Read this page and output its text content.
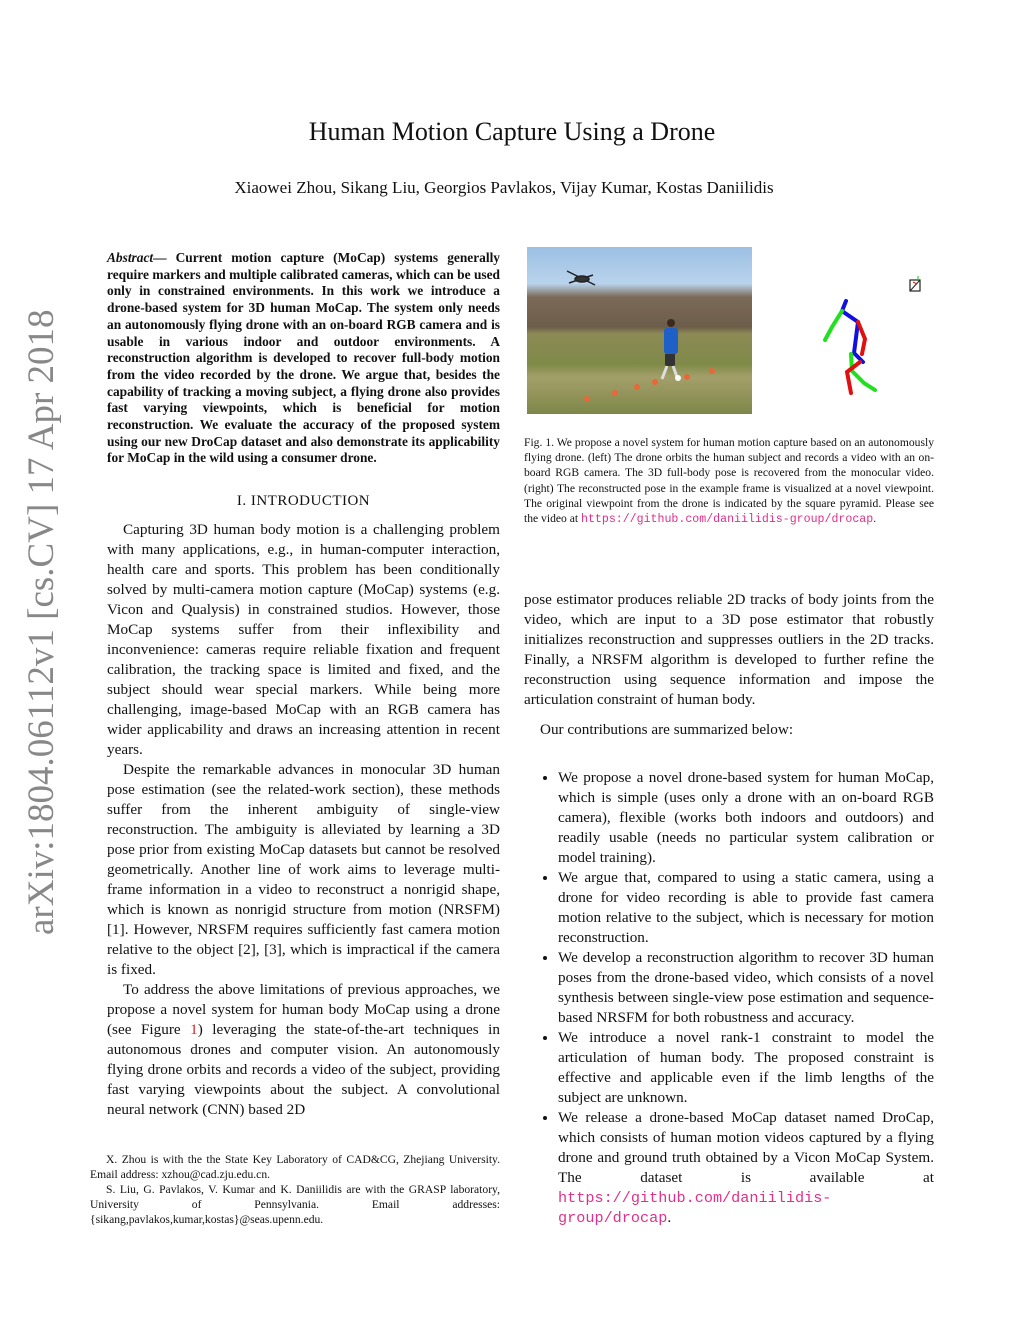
Human Motion Capture Using a Drone
Xiaowei Zhou, Sikang Liu, Georgios Pavlakos, Vijay Kumar, Kostas Daniilidis
arXiv:1804.06112v1 [cs.CV] 17 Apr 2018

Abstract— Current motion capture (MoCap) systems generally require markers and multiple calibrated cameras, which can be used only in constrained environments. In this work we introduce a drone-based system for 3D human MoCap. The system only needs an autonomously flying drone with an on-board RGB camera and is usable in various indoor and outdoor environments. A reconstruction algorithm is developed to recover full-body motion from the video recorded by the drone. We argue that, besides the capability of tracking a moving subject, a flying drone also provides fast varying viewpoints, which is beneficial for motion reconstruction. We evaluate the accuracy of the proposed system using our new DroCap dataset and also demonstrate its applicability for MoCap in the wild using a consumer drone.

I. INTRODUCTION

Capturing 3D human body motion is a challenging problem with many applications, e.g., in human-computer interaction, health care and sports. This problem has been conditionally solved by multi-camera motion capture (MoCap) systems (e.g. Vicon and Qualysis) in constrained studios. However, those MoCap systems suffer from their inflexibility and inconvenience: cameras require reliable fixation and frequent calibration, the tracking space is limited and fixed, and the subject should wear special markers. While being more challenging, image-based MoCap with an RGB camera has wider applicability and draws an increasing attention in recent years.

Despite the remarkable advances in monocular 3D human pose estimation (see the related-work section), these methods suffer from the inherent ambiguity of single-view reconstruction. The ambiguity is alleviated by learning a 3D pose prior from existing MoCap datasets but cannot be resolved geometrically. Another line of work aims to leverage multi-frame information in a video to reconstruct a nonrigid shape, which is known as nonrigid structure from motion (NRSFM) [1]. However, NRSFM requires sufficiently fast camera motion relative to the object [2], [3], which is impractical if the camera is fixed.

To address the above limitations of previous approaches, we propose a novel system for human body MoCap using a drone (see Figure 1) leveraging the state-of-the-art techniques in autonomous drones and computer vision. An autonomously flying drone orbits and records a video of the subject, providing fast varying viewpoints about the subject. A convolutional neural network (CNN) based 2D

X. Zhou is with the the State Key Laboratory of CAD&CG, Zhejiang University. Email address: xzhou@cad.zju.edu.cn.
S. Liu, G. Pavlakos, V. Kumar and K. Daniilidis are with the GRASP laboratory, University of Pennsylvania. Email addresses: {sikang,pavlakos,kumar,kostas}@seas.upenn.edu.
Fig. 1. We propose a novel system for human motion capture based on an autonomously flying drone. (left) The drone orbits the human subject and records a video with an on-board RGB camera. The 3D full-body pose is recovered from the monocular video. (right) The reconstructed pose in the example frame is visualized at a novel viewpoint. The original viewpoint from the drone is indicated by the square pyramid. Please see the video at https://github.com/daniilidis-group/drocap.

pose estimator produces reliable 2D tracks of body joints from the video, which are input to a 3D pose estimator that robustly initializes reconstruction and suppresses outliers in the 2D tracks. Finally, a NRSFM algorithm is developed to further refine the reconstruction using sequence information and impose the articulation constraint of human body.

Our contributions are summarized below:

• We propose a novel drone-based system for human MoCap, which is simple (uses only a drone with an on-board RGB camera), flexible (works both indoors and outdoors) and readily usable (needs no particular system calibration or model training).
• We argue that, compared to using a static camera, using a drone for video recording is able to provide fast camera motion relative to the subject, which is necessary for motion reconstruction.
• We develop a reconstruction algorithm to recover 3D human poses from the drone-based video, which consists of a novel synthesis between single-view pose estimation and sequence-based NRSFM for both robustness and accuracy.
• We introduce a novel rank-1 constraint to model the articulation of human body. The proposed constraint is effective and applicable even if the limb lengths of the subject are unknown.
• We release a drone-based MoCap dataset named DroCap, which consists of human motion videos captured by a flying drone and ground truth obtained by a Vicon MoCap System. The dataset is available at https://github.com/daniilidis-group/drocap.
